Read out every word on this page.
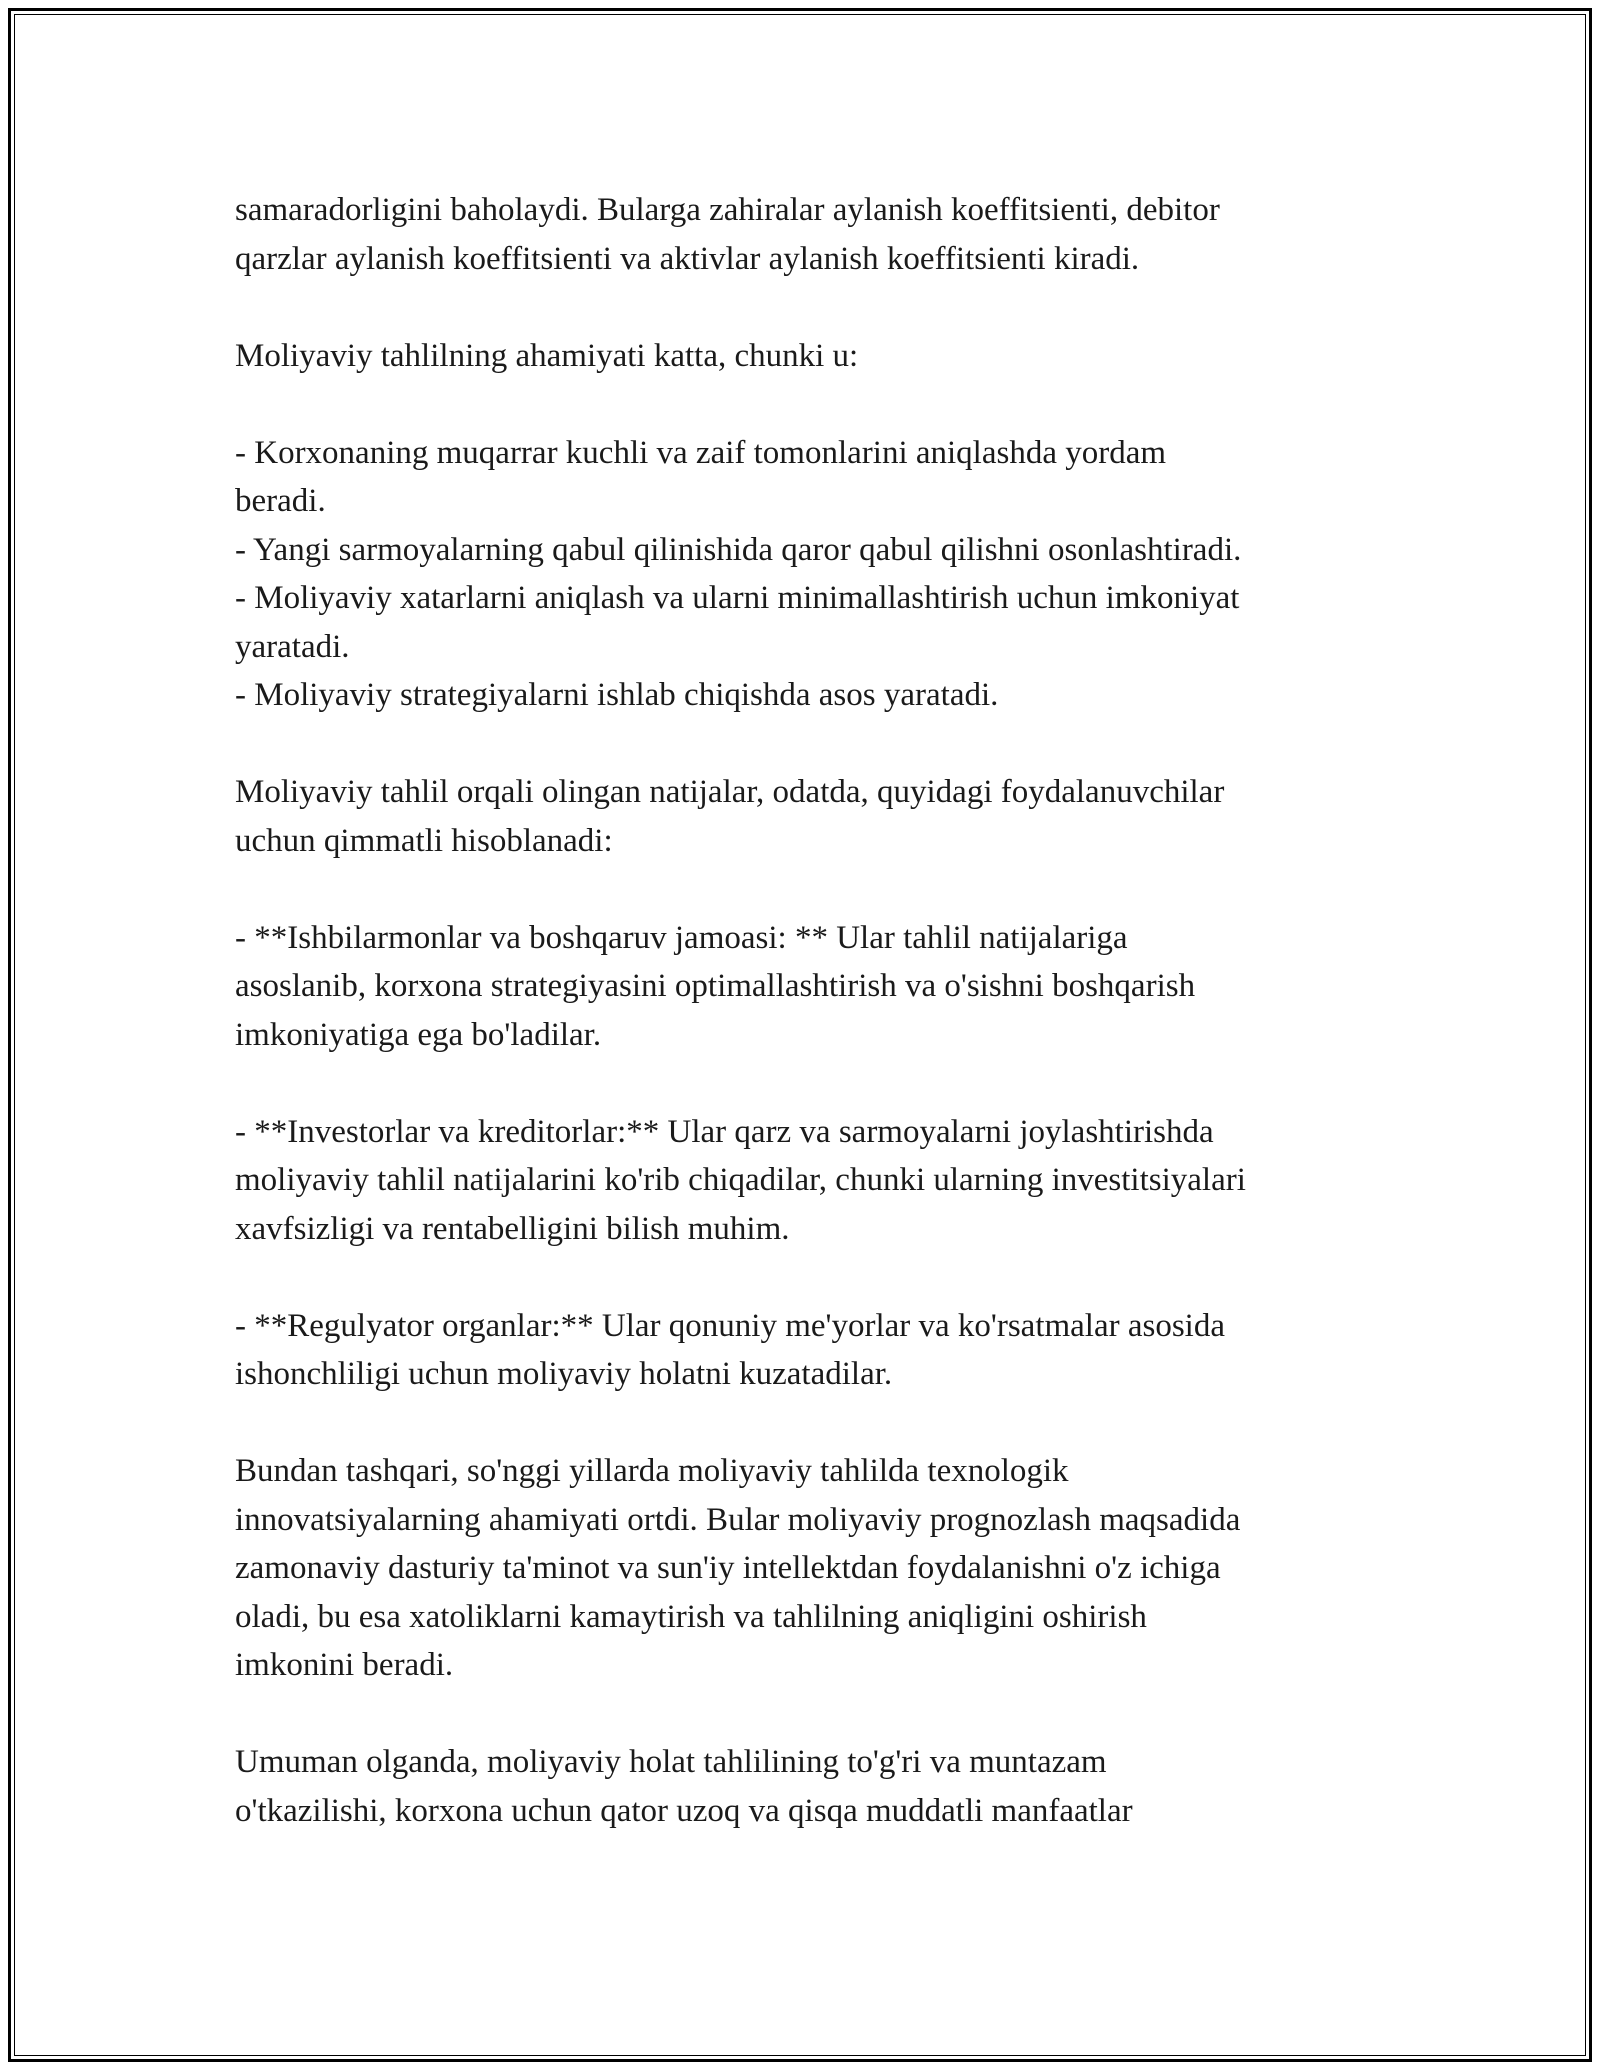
samaradorligini baholaydi. Bularga zahiralar aylanish koeffitsienti, debitor
qarzlar aylanish koeffitsienti va aktivlar aylanish koeffitsienti kiradi.

Moliyaviy tahlilning ahamiyati katta, chunki u:

- Korxonaning muqarrar kuchli va zaif tomonlarini aniqlashda yordam
beradi.
- Yangi sarmoyalarning qabul qilinishida qaror qabul qilishni osonlashtiradi.
- Moliyaviy xatarlarni aniqlash va ularni minimallashtirish uchun imkoniyat
yaratadi.
- Moliyaviy strategiyalarni ishlab chiqishda asos yaratadi.

Moliyaviy tahlil orqali olingan natijalar, odatda, quyidagi foydalanuvchilar
uchun qimmatli hisoblanadi:

- **Ishbilarmonlar va boshqaruv jamoasi: ** Ular tahlil natijalariga
asoslanib, korxona strategiyasini optimallashtirish va o'sishni boshqarish
imkoniyatiga ega bo'ladilar.

- **Investorlar va kreditorlar:** Ular qarz va sarmoyalarni joylashtirishda
moliyaviy tahlil natijalarini ko'rib chiqadilar, chunki ularning investitsiyalari
xavfsizligi va rentabelligini bilish muhim.

- **Regulyator organlar:** Ular qonuniy me'yorlar va ko'rsatmalar asosida
ishonchliligi uchun moliyaviy holatni kuzatadilar.

Bundan tashqari, so'nggi yillarda moliyaviy tahlilda texnologik
innovatsiyalarning ahamiyati ortdi. Bular moliyaviy prognozlash maqsadida
zamonaviy dasturiy ta'minot va sun'iy intellektdan foydalanishni o'z ichiga
oladi, bu esa xatoliklarni kamaytirish va tahlilning aniqligini oshirish
imkonini beradi.

Umuman olganda, moliyaviy holat tahlilining to'g'ri va muntazam
o'tkazilishi, korxona uchun qator uzoq va qisqa muddatli manfaatlar
